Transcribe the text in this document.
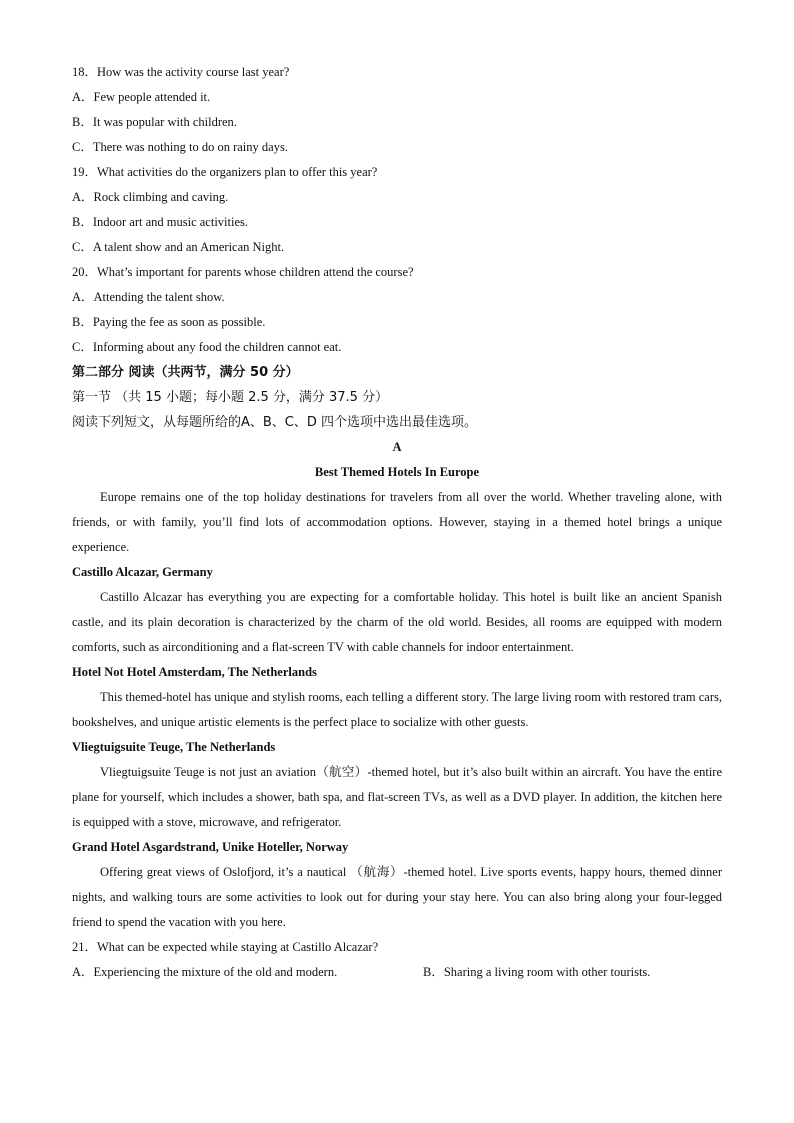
18．How was the activity course last year?
A．Few people attended it.
B．It was popular with children.
C．There was nothing to do on rainy days.
19．What activities do the organizers plan to offer this year?
A．Rock climbing and caving.
B．Indoor art and music activities.
C．A talent show and an American Night.
20．What’s important for parents whose children attend the course?
A．Attending the talent show.
B．Paying the fee as soon as possible.
C．Informing about any food the children cannot eat.
第二部分 阅读（共两节，满分 50 分）
第一节 （共 15 小题；每小题 2.5 分，满分 37.5 分）
阅读下列短文，从每题所给的A、B、C、D 四个选项中选出最佳选项。
A
Best Themed Hotels In Europe

Europe remains one of the top holiday destinations for travelers from all over the world. Whether traveling alone, with friends, or with family, you’ll find lots of accommodation options. However, staying in a themed hotel brings a unique experience.

Castillo Alcazar, Germany

Castillo Alcazar has everything you are expecting for a comfortable holiday. This hotel is built like an ancient Spanish castle, and its plain decoration is characterized by the charm of the old world. Besides, all rooms are equipped with modern comforts, such as airconditioning and a flat-screen TV with cable channels for indoor entertainment.

Hotel Not Hotel Amsterdam, The Netherlands

This themed-hotel has unique and stylish rooms, each telling a different story. The large living room with restored tram cars, bookshelves, and unique artistic elements is the perfect place to socialize with other guests.

Vliegtuigsuite Teuge, The Netherlands

Vliegtuigsuite Teuge is not just an aviation（航空）-themed hotel, but it’s also built within an aircraft. You have the entire plane for yourself, which includes a shower, bath spa, and flat-screen TVs, as well as a DVD player. In addition, the kitchen here is equipped with a stove, microwave, and refrigerator.

Grand Hotel Asgardstrand, Unike Hoteller, Norway

Offering great views of Oslofjord, it’s a nautical （航海）-themed hotel. Live sports events, happy hours, themed dinner nights, and walking tours are some activities to look out for during your stay here. You can also bring along your four-legged friend to spend the vacation with you here.

21．What can be expected while staying at Castillo Alcazar?
A．Experiencing the mixture of the old and modern.	B．Sharing a living room with other tourists.
